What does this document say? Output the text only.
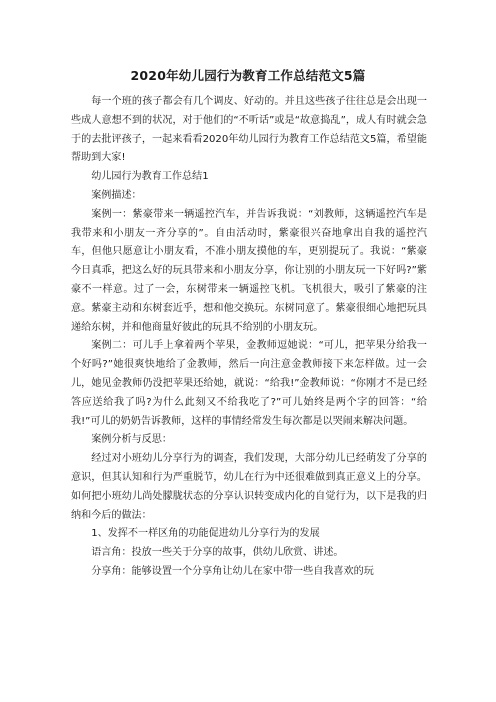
2020年幼儿园行为教育工作总结范文5篇

每一个班的孩子都会有几个调皮、好动的。并且这些孩子往往总是会出现一些成人意想不到的状况，对于他们的“不听话”或是“故意捣乱”，成人有时就会急于的去批评孩子，一起来看看2020年幼儿园行为教育工作总结范文5篇，希望能帮助到大家!

幼儿园行为教育工作总结1

案例描述：

案例一：紫豪带来一辆遥控汽车，并告诉我说：“刘教师，这辆遥控汽车是我带来和小朋友一齐分享的”。自由活动时，紫豪很兴奋地拿出自我的遥控汽车，但他只愿意让小朋友看，不准小朋友摸他的车，更别提玩了。我说：“紫豪今日真乖，把这么好的玩具带来和小朋友分享，你让别的小朋友玩一下好吗?”紫豪不一样意。过了一会，东树带来一辆遥控飞机。飞机很大，吸引了紫豪的注意。紫豪主动和东树套近乎，想和他交换玩。东树同意了。紫豪很细心地把玩具递给东树，并和他商量好彼此的玩具不给别的小朋友玩。

案例二：可儿手上拿着两个苹果，金教师逗她说：“可儿，把苹果分给我一个好吗?”她很爽快地给了金教师，然后一向注意金教师接下来怎样做。过一会儿，她见金教师仍没把苹果还给她，就说：“给我!”金教师说：“你刚才不是已经答应送给我了吗?为什么此刻又不给我吃了?”可儿始终是两个字的回答：“给我!”可儿的奶奶告诉教师，这样的事情经常发生每次都是以哭闹来解决问题。

案例分析与反思：

经过对小班幼儿分享行为的调查，我们发现，大部分幼儿已经萌发了分享的意识，但其认知和行为严重脱节，幼儿在行为中还很难做到真正意义上的分享。如何把小班幼儿尚处朦胧状态的分享认识转变成内化的自觉行为，以下是我的归纳和今后的做法：

1、发挥不一样区角的功能促进幼儿分享行为的发展

语言角：投放一些关于分享的故事，供幼儿欣赏、讲述。

分享角：能够设置一个分享角让幼儿在家中带一些自我喜欢的玩
